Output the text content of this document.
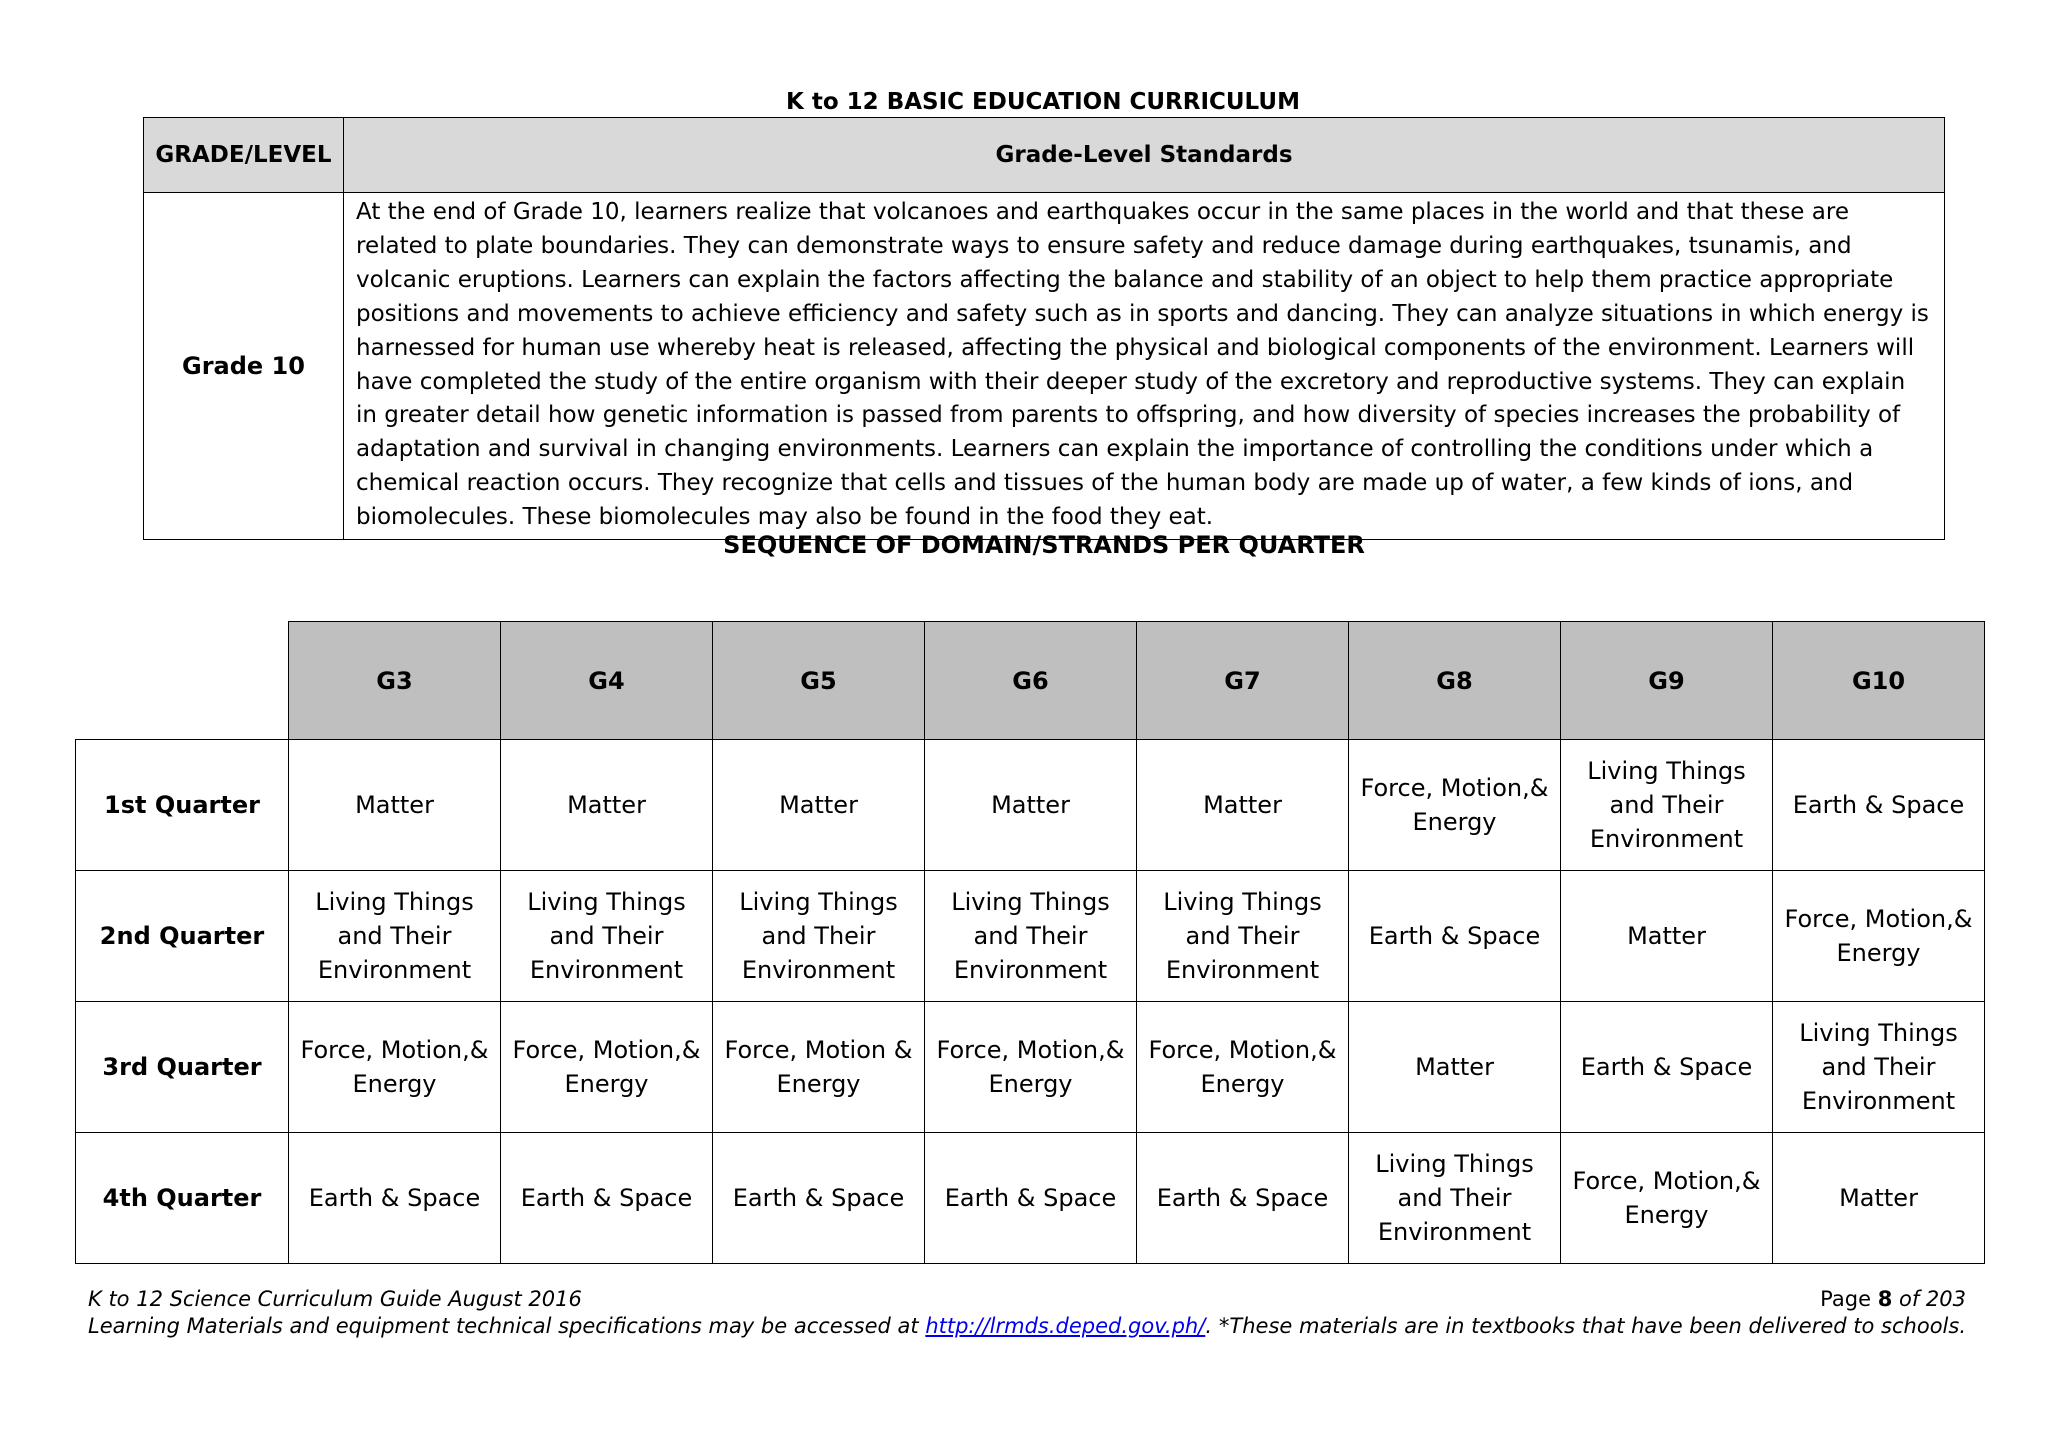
K to 12 BASIC EDUCATION CURRICULUM
GRADE/LEVEL	Grade-Level Standards
Grade 10	At the end of Grade 10, learners realize that volcanoes and earthquakes occur in the same places in the world and that these are related to plate boundaries. They can demonstrate ways to ensure safety and reduce damage during earthquakes, tsunamis, and volcanic eruptions. Learners can explain the factors affecting the balance and stability of an object to help them practice appropriate positions and movements to achieve efficiency and safety such as in sports and dancing. They can analyze situations in which energy is harnessed for human use whereby heat is released, affecting the physical and biological components of the environment. Learners will have completed the study of the entire organism with their deeper study of the excretory and reproductive systems. They can explain in greater detail how genetic information is passed from parents to offspring, and how diversity of species increases the probability of adaptation and survival in changing environments. Learners can explain the importance of controlling the conditions under which a chemical reaction occurs. They recognize that cells and tissues of the human body are made up of water, a few kinds of ions, and biomolecules. These biomolecules may also be found in the food they eat.
SEQUENCE OF DOMAIN/STRANDS PER QUARTER
	G3	G4	G5	G6	G7	G8	G9	G10
1st Quarter	Matter	Matter	Matter	Matter	Matter	Force, Motion,& Energy	Living Things and Their Environment	Earth & Space
2nd Quarter	Living Things and Their Environment	Living Things and Their Environment	Living Things and Their Environment	Living Things and Their Environment	Living Things and Their Environment	Earth & Space	Matter	Force, Motion,& Energy
3rd Quarter	Force, Motion,& Energy	Force, Motion,& Energy	Force, Motion & Energy	Force, Motion,& Energy	Force, Motion,& Energy	Matter	Earth & Space	Living Things and Their Environment
4th Quarter	Earth & Space	Earth & Space	Earth & Space	Earth & Space	Earth & Space	Living Things and Their Environment	Force, Motion,& Energy	Matter
K to 12 Science Curriculum Guide August 2016
Learning Materials and equipment technical specifications may be accessed at http://lrmds.deped.gov.ph/.
Page 8 of 203
*These materials are in textbooks that have been delivered to schools.
